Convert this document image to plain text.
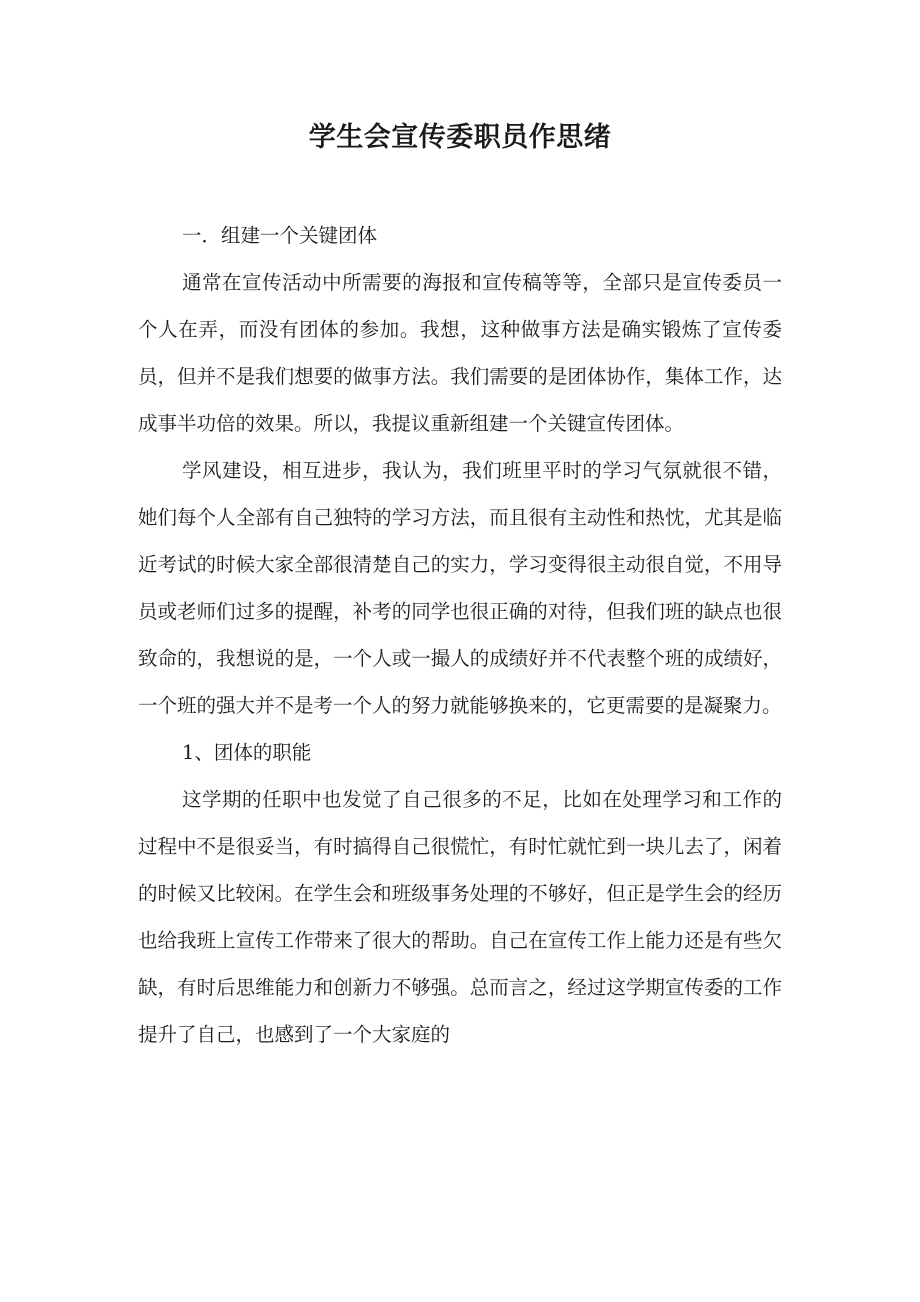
学生会宣传委职员作思绪

一．组建一个关键团体

通常在宣传活动中所需要的海报和宣传稿等等，全部只是宣传委员一个人在弄，而没有团体的参加。我想，这种做事方法是确实锻炼了宣传委员，但并不是我们想要的做事方法。我们需要的是团体协作，集体工作，达成事半功倍的效果。所以，我提议重新组建一个关键宣传团体。

学风建设，相互进步，我认为，我们班里平时的学习气氛就很不错，她们每个人全部有自己独特的学习方法，而且很有主动性和热忱，尤其是临近考试的时候大家全部很清楚自己的实力，学习变得很主动很自觉，不用导员或老师们过多的提醒，补考的同学也很正确的对待，但我们班的缺点也很致命的，我想说的是，一个人或一撮人的成绩好并不代表整个班的成绩好，一个班的强大并不是考一个人的努力就能够换来的，它更需要的是凝聚力。

1、团体的职能

这学期的任职中也发觉了自己很多的不足，比如在处理学习和工作的过程中不是很妥当，有时搞得自己很慌忙，有时忙就忙到一块儿去了，闲着的时候又比较闲。在学生会和班级事务处理的不够好，但正是学生会的经历也给我班上宣传工作带来了很大的帮助。自己在宣传工作上能力还是有些欠缺，有时后思维能力和创新力不够强。总而言之，经过这学期宣传委的工作提升了自己，也感到了一个大家庭的
